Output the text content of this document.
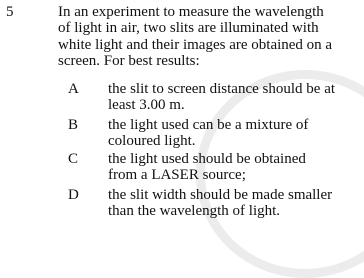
5	In an experiment to measure the wavelength
of light in air, two slits are illuminated with
white light and their images are obtained on a
screen. For best results:
A the slit to screen distance should be at
least 3.00 m.
B the light used can be a mixture of
coloured light.
C the light used should be obtained
from a LASER source;
D the slit width should be made smaller
than the wavelength of light.
